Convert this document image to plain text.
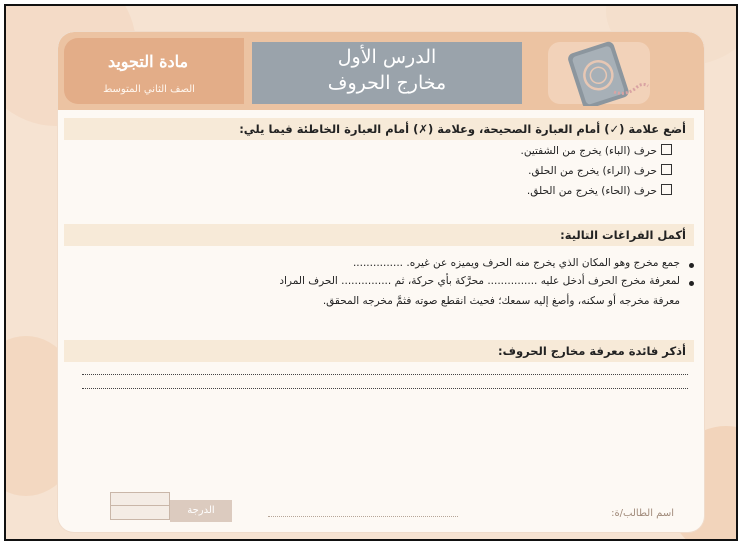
مادة التجويد
الصف الثاني المتوسط
الدرس الأول
مخارج الحروف
أضع علامة (✓) أمام العبارة الصحيحة، وعلامة (✗) أمام العبارة الخاطئة فيما يلي:
حرف (الباء) يخرج من الشفتين.
حرف (الراء) يخرج من الحلق.
حرف (الحاء) يخرج من الحلق.
أكمل الفراغات التالية:
جمع مخرج وهو المكان الذي يخرج منه الحرف ويميزه عن غيره. ...............
لمعرفة مخرج الحرف أدخل عليه ............... محرَّكة بأي حركة، ثم ............... الحرف المراد
معرفة مخرجه أو سكنه، وأصغ إليه سمعك؛ فحيث انقطع صوته فثمَّ مخرجه المحقق.
أذكر فائدة معرفة مخارج الحروف:
اسم الطالب/ة:
الدرجة
